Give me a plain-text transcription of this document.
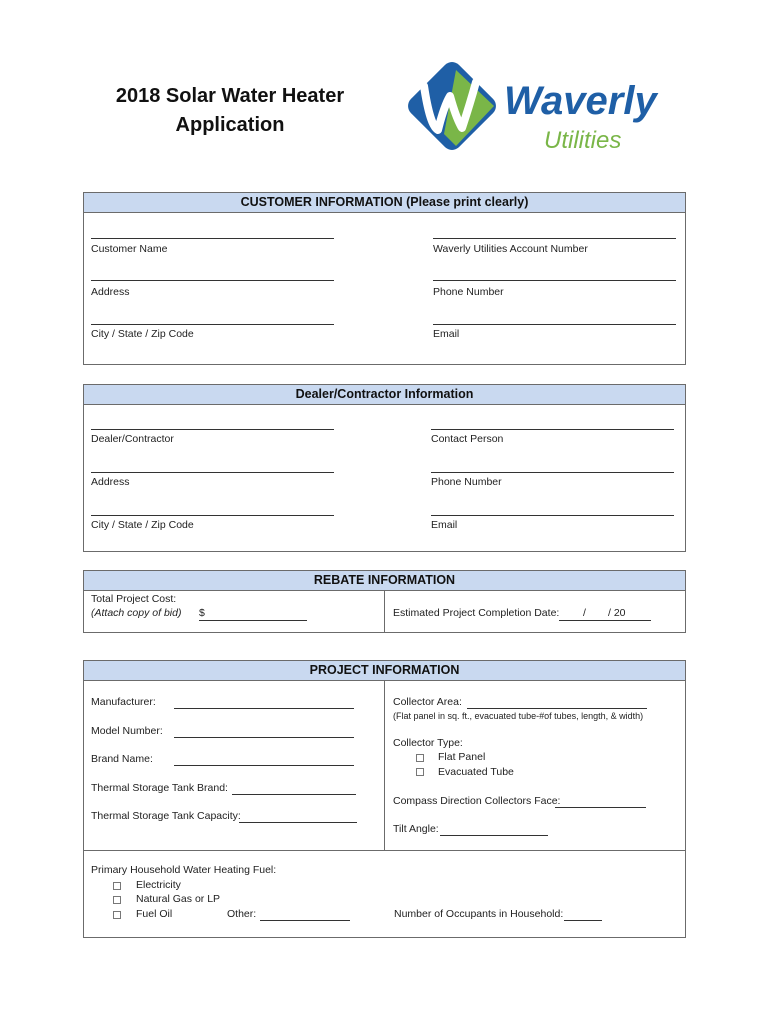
2018 Solar Water Heater
Application
Waverly
Utilities
CUSTOMER INFORMATION (Please print clearly)
Customer Name	Waverly Utilities Account Number
Address	Phone Number
City / State / Zip Code	Email
Dealer/Contractor Information
Dealer/Contractor	Contact Person
Address	Phone Number
City / State / Zip Code	Email
REBATE INFORMATION
Total Project Cost:
(Attach copy of bid) $	Estimated Project Completion Date: / / 20
PROJECT INFORMATION
Manufacturer:
Model Number:
Brand Name:
Thermal Storage Tank Brand:
Thermal Storage Tank Capacity:
Collector Area:
(Flat panel in sq. ft., evacuated tube-#of tubes, length, & width)
Collector Type:
Flat Panel
Evacuated Tube
Compass Direction Collectors Face:
Tilt Angle:
Primary Household Water Heating Fuel:
Electricity
Natural Gas or LP
Fuel Oil	Other:	Number of Occupants in Household:
